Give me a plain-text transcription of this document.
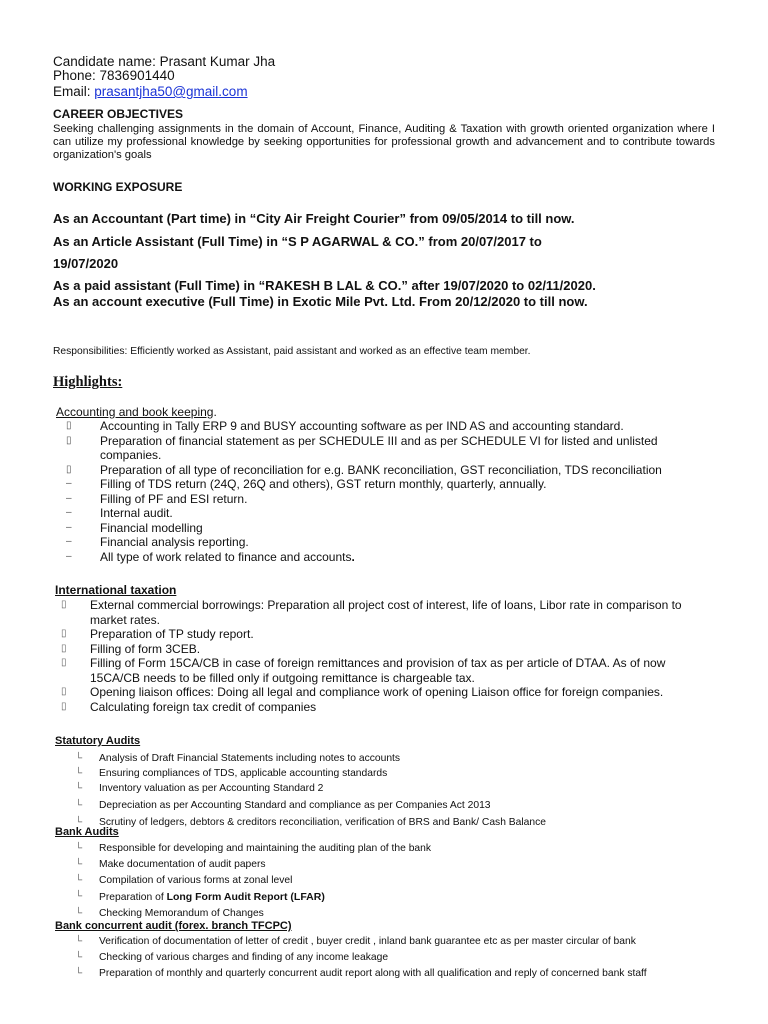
Candidate name: Prasant Kumar Jha
Phone: 7836901440
Email: prasantjha50@gmail.com
CAREER OBJECTIVES
Seeking challenging assignments in the domain of Account, Finance, Auditing & Taxation with growth oriented organization where I can utilize my professional knowledge by seeking opportunities for professional growth and advancement and to contribute towards organization's goals
WORKING EXPOSURE
As an Accountant (Part time) in “City Air Freight Courier” from 09/05/2014 to till now.
As an Article Assistant (Full Time) in “S P AGARWAL & CO.” from 20/07/2017 to
19/07/2020
As a paid assistant (Full Time) in “RAKESH B LAL & CO.” after 19/07/2020 to 02/11/2020.
As an account executive (Full Time) in Exotic Mile Pvt. Ltd. From 20/12/2020 to till now.
Responsibilities: Efficiently worked as Assistant, paid assistant and worked as an effective team member.
Highlights:
Accounting and book keeping.
▯ Accounting in Tally ERP 9 and BUSY accounting software as per IND AS and accounting standard.
▯ Preparation of financial statement as per SCHEDULE III and as per SCHEDULE VI for listed and unlisted companies.
▯ Preparation of all type of reconciliation for e.g. BANK reconciliation, GST reconciliation, TDS reconciliation
– Filling of TDS return (24Q, 26Q and others), GST return monthly, quarterly, annually.
– Filling of PF and ESI return.
– Internal audit.
– Financial modelling
– Financial analysis reporting.
– All type of work related to finance and accounts.
International taxation
▯ External commercial borrowings: Preparation all project cost of interest, life of loans, Libor rate in comparison to market rates.
▯ Preparation of TP study report.
▯ Filling of form 3CEB.
▯ Filling of Form 15CA/CB in case of foreign remittances and provision of tax as per article of DTAA. As of now 15CA/CB needs to be filled only if outgoing remittance is chargeable tax.
▯ Opening liaison offices: Doing all legal and compliance work of opening Liaison office for foreign companies.
▯ Calculating foreign tax credit of companies
Statutory Audits
└ Analysis of Draft Financial Statements including notes to accounts
└ Ensuring compliances of TDS, applicable accounting standards
└ Inventory valuation as per Accounting Standard 2
└ Depreciation as per Accounting Standard and compliance as per Companies Act 2013
└ Scrutiny of ledgers, debtors & creditors reconciliation, verification of BRS and Bank/ Cash Balance
Bank Audits
└ Responsible for developing and maintaining the auditing plan of the bank
└ Make documentation of audit papers
└ Compilation of various forms at zonal level
└ Preparation of Long Form Audit Report (LFAR)
└ Checking Memorandum of Changes
Bank concurrent audit (forex. branch TFCPC)
└ Verification of documentation of letter of credit , buyer credit , inland bank guarantee etc as per master circular of bank
└ Checking of various charges and finding of any income leakage
└ Preparation of monthly and quarterly concurrent audit report along with all qualification and reply of concerned bank staff
